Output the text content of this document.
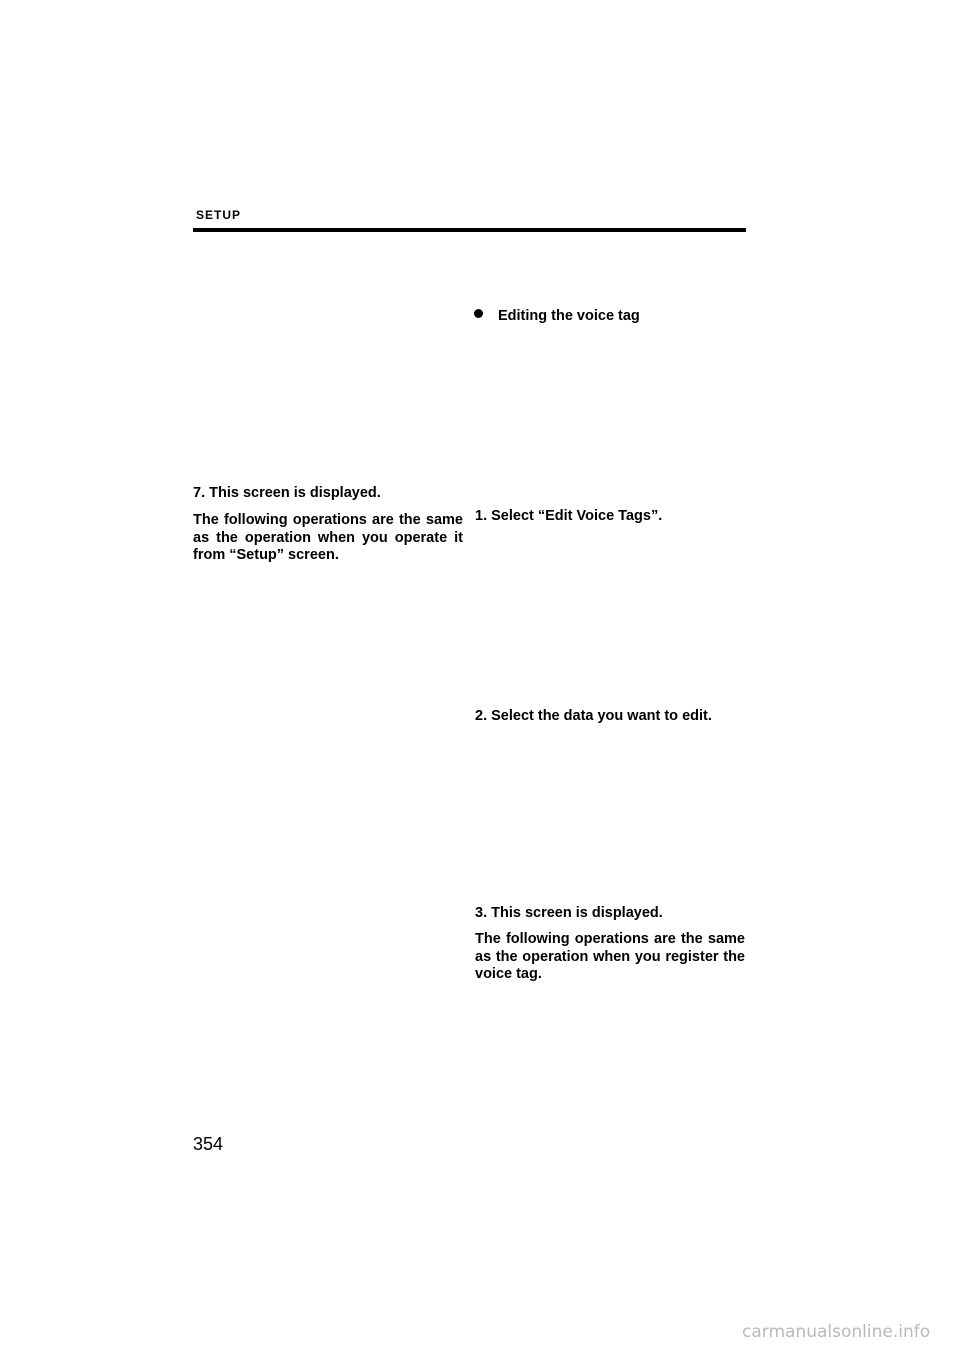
SETUP
7. This screen is displayed.
The following operations are the same as the operation when you operate it from “Setup” screen.
Editing the voice tag
1. Select “Edit Voice Tags”.
2. Select the data you want to edit.
3. This screen is displayed.
The following operations are the same as the operation when you register the voice tag.
354
carmanualsonline.info
